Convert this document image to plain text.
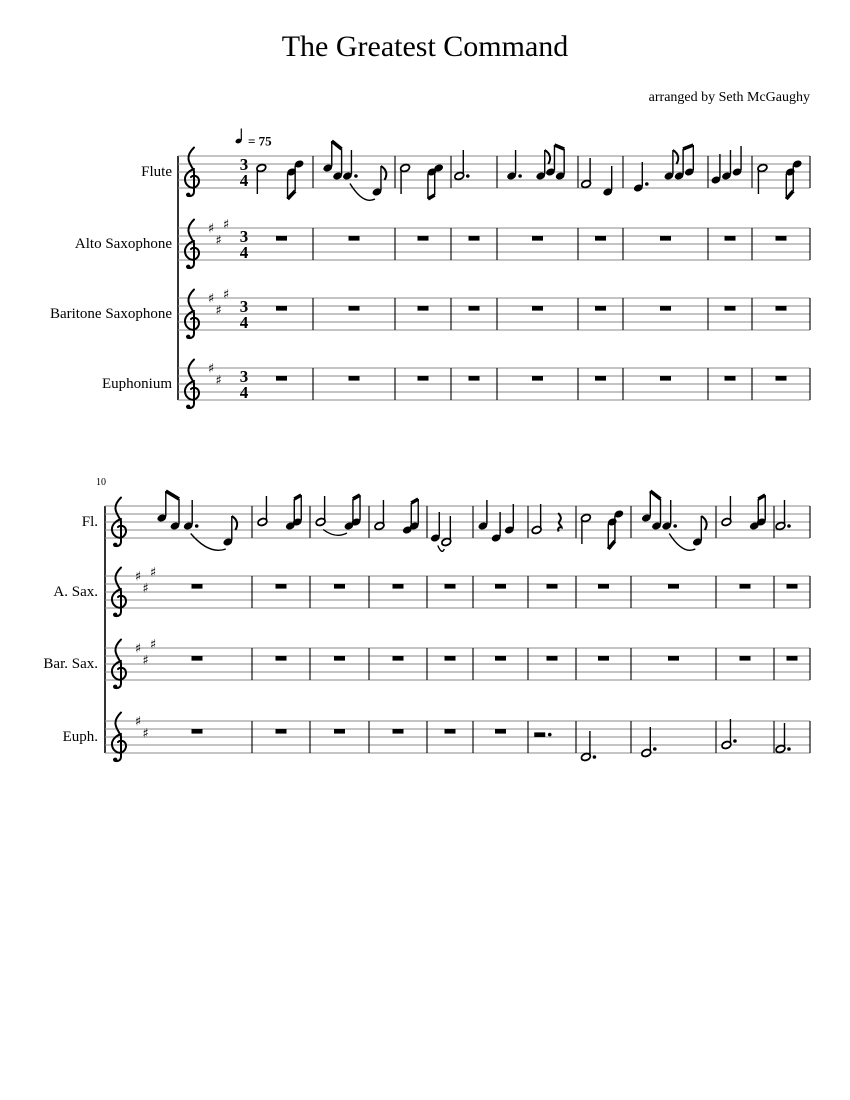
The Greatest Command
arranged by Seth McGaughy
10
Flute
Alto Saxophone
Baritone Saxophone
Euphonium
Fl.
A. Sax.
Bar. Sax.
Euph.
= 75
3
4
♯
♯
♯
3
4
♯
♯
♯
3
4
♯
♯ 3
4
♯
♯
♯
♯
♯
♯
♯
♯
